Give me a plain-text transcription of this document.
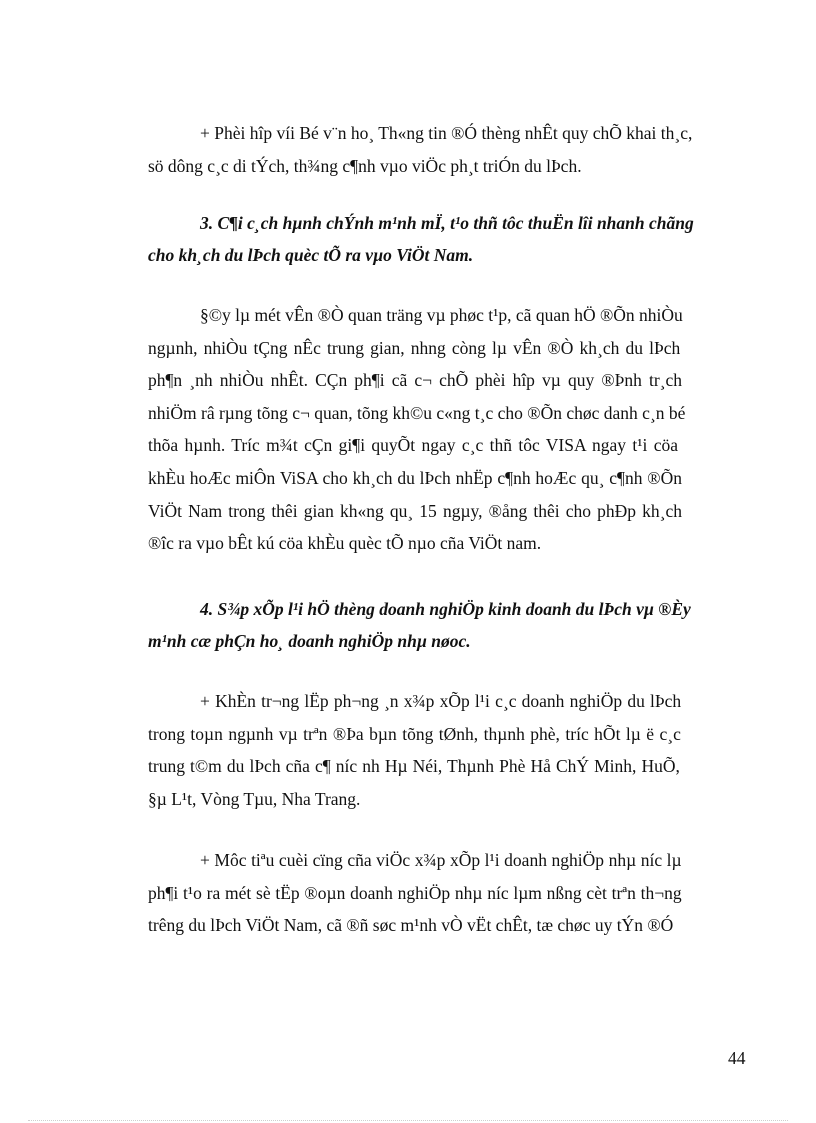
+ Phèi hîp víi Bé v¨n ho¸ Th«ng tin ®Ó thèng nhÊt quy chÕ khai th¸c,
sö dông c¸c di tÝch, th¾ng c¶nh vµo viÖc ph¸t triÓn du lÞch.
3. C¶i c¸ch hµnh chÝnh m¹nh mÏ, t¹o thñ tôc thuËn lîi nhanh chãng
cho kh¸ch du lÞch quèc tÕ ra vµo ViÖt Nam.
§©y lµ mét vÊn ®Ò quan träng vµ phøc t¹p, cã quan hÖ ®Õn nhiÒu
ngµnh, nhiÒu tÇng nÊc trung gian, nhng còng lµ vÊn ®Ò kh¸ch du lÞch
ph¶n ¸nh nhiÒu nhÊt. CÇn ph¶i cã c¬ chÕ phèi hîp vµ quy ®Þnh tr¸ch
nhiÖm râ rµng tõng c¬ quan, tõng kh©u c«ng t¸c cho ®Õn chøc danh c¸n bé
thõa hµnh. Tríc m¾t cÇn gi¶i quyÕt ngay c¸c thñ tôc VISA ngay t¹i cöa
khÈu hoÆc miÔn ViSA cho kh¸ch du lÞch nhËp c¶nh hoÆc qu¸ c¶nh ®Õn
ViÖt Nam trong thêi gian kh«ng qu¸ 15 ngµy, ®ång thêi cho phÐp kh¸ch
®îc ra vµo bÊt kú cöa khÈu quèc tÕ nµo cña ViÖt nam.
4. S¾p xÕp l¹i hÖ thèng doanh nghiÖp kinh doanh du lÞch vµ ®Èy
m¹nh cæ phÇn ho¸ doanh nghiÖp nhµ nøoc.
+ KhÈn tr¬ng lËp ph¬ng ¸n x¾p xÕp l¹i c¸c doanh nghiÖp du lÞch
trong toµn ngµnh vµ trªn ®Þa bµn tõng tØnh, thµnh phè, tríc hÕt lµ ë c¸c
trung t©m du lÞch cña c¶ níc nh Hµ Néi, Thµnh Phè Hå ChÝ Minh, HuÕ,
§µ L¹t, Vòng Tµu, Nha Trang.
+ Môc tiªu cuèi cïng cña viÖc x¾p xÕp l¹i doanh nghiÖp nhµ níc lµ
ph¶i t¹o ra mét sè tËp ®oµn doanh nghiÖp nhµ níc lµm nßng cèt trªn th¬ng
trêng du lÞch ViÖt Nam, cã ®ñ søc m¹nh vÒ vËt chÊt, tæ chøc uy tÝn ®Ó
44
